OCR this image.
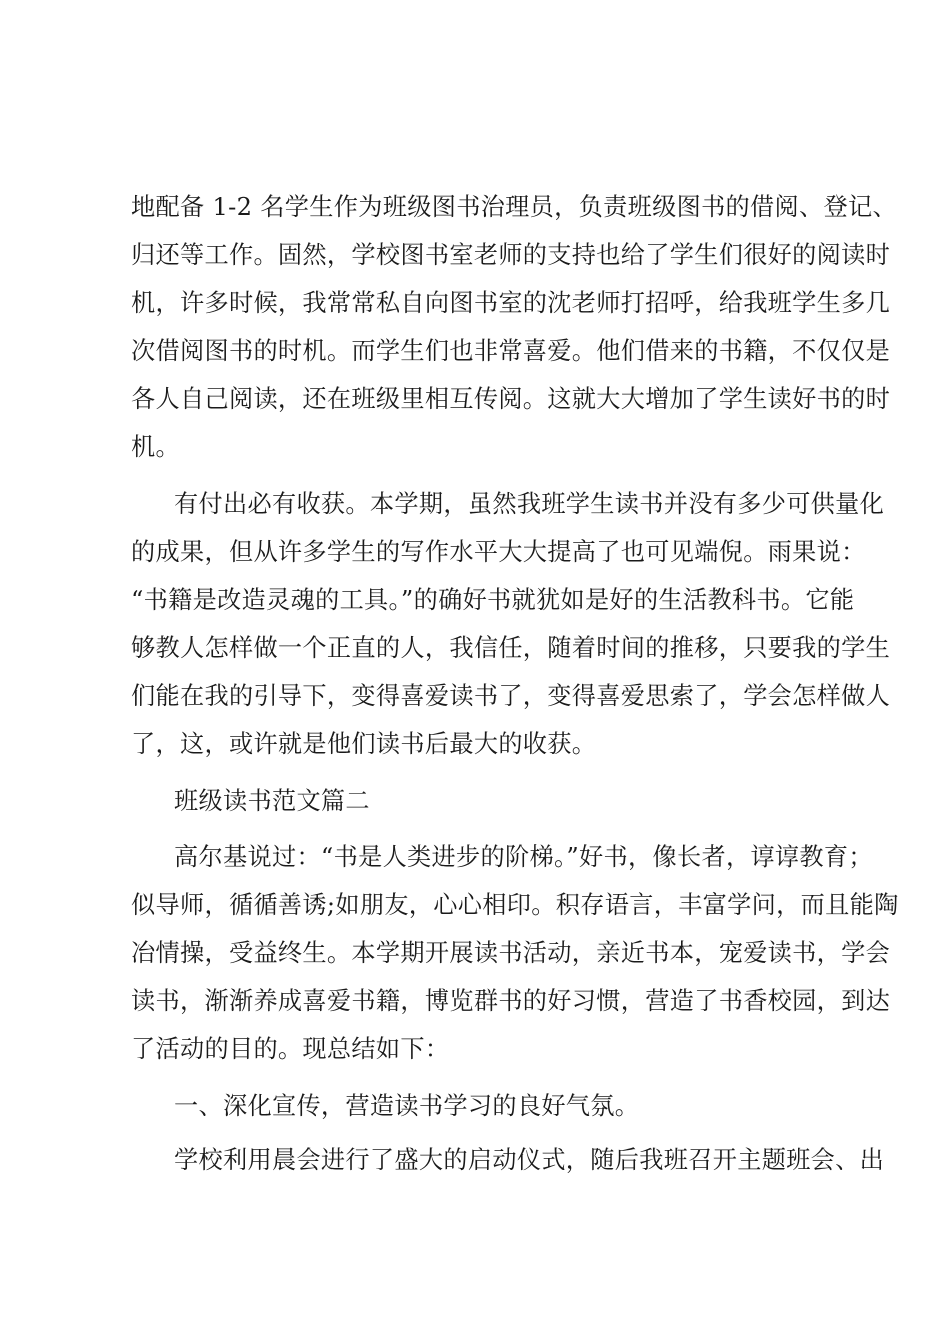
地配备 1-2 名学生作为班级图书治理员，负责班级图书的借阅、登记、
归还等工作。固然，学校图书室老师的支持也给了学生们很好的阅读时
机，许多时候，我常常私自向图书室的沈老师打招呼，给我班学生多几
次借阅图书的时机。而学生们也非常喜爱。他们借来的书籍，不仅仅是
各人自己阅读，还在班级里相互传阅。这就大大增加了学生读好书的时
机。
有付出必有收获。本学期，虽然我班学生读书并没有多少可供量化
的成果，但从许多学生的写作水平大大提高了也可见端倪。雨果说：
“书籍是改造灵魂的工具。”的确好书就犹如是好的生活教科书。它能
够教人怎样做一个正直的人，我信任，随着时间的推移，只要我的学生
们能在我的引导下，变得喜爱读书了，变得喜爱思索了，学会怎样做人
了，这，或许就是他们读书后最大的收获。
班级读书范文篇二
高尔基说过：“书是人类进步的阶梯。”好书，像长者，谆谆教育；
似导师，循循善诱;如朋友，心心相印。积存语言，丰富学问，而且能陶
冶情操，受益终生。本学期开展读书活动，亲近书本，宠爱读书，学会
读书，渐渐养成喜爱书籍，博览群书的好习惯，营造了书香校园，到达
了活动的目的。现总结如下：
一、深化宣传，营造读书学习的良好气氛。
学校利用晨会进行了盛大的启动仪式，随后我班召开主题班会、出
